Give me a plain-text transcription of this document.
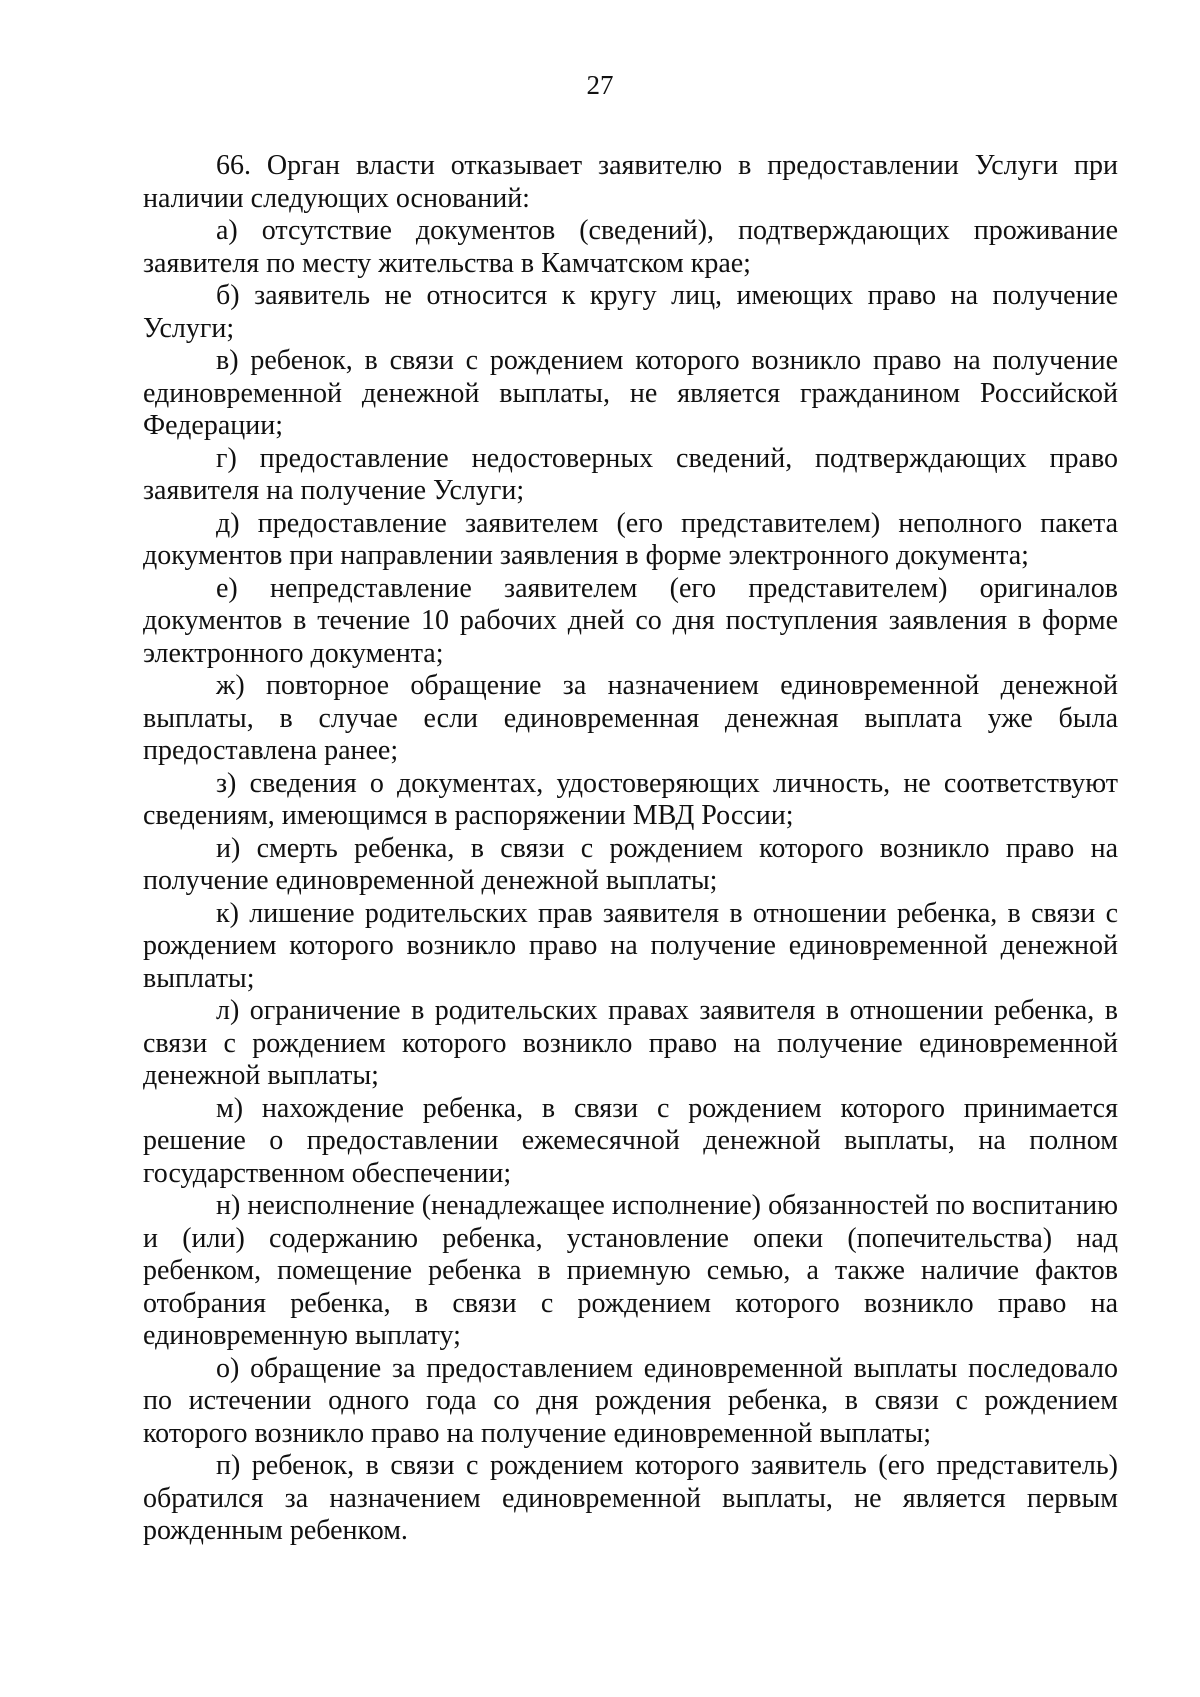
27

66. Орган власти отказывает заявителю в предоставлении Услуги при наличии следующих оснований:

а) отсутствие документов (сведений), подтверждающих проживание заявителя по месту жительства в Камчатском крае;

б) заявитель не относится к кругу лиц, имеющих право на получение Услуги;

в) ребенок, в связи с рождением которого возникло право на получение единовременной денежной выплаты, не является гражданином Российской Федерации;

г) предоставление недостоверных сведений, подтверждающих право заявителя на получение Услуги;

д) предоставление заявителем (его представителем) неполного пакета документов при направлении заявления в форме электронного документа;

е) непредставление заявителем (его представителем) оригиналов документов в течение 10 рабочих дней со дня поступления заявления в форме электронного документа;

ж) повторное обращение за назначением единовременной денежной выплаты, в случае если единовременная денежная выплата уже была предоставлена ранее;

з) сведения о документах, удостоверяющих личность, не соответствуют сведениям, имеющимся в распоряжении МВД России;

и) смерть ребенка, в связи с рождением которого возникло право на получение единовременной денежной выплаты;

к) лишение родительских прав заявителя в отношении ребенка, в связи с рождением которого возникло право на получение единовременной денежной выплаты;

л) ограничение в родительских правах заявителя в отношении ребенка, в связи с рождением которого возникло право на получение единовременной денежной выплаты;

м) нахождение ребенка, в связи с рождением которого принимается решение о предоставлении ежемесячной денежной выплаты, на полном государственном обеспечении;

н) неисполнение (ненадлежащее исполнение) обязанностей по воспитанию и (или) содержанию ребенка, установление опеки (попечительства) над ребенком, помещение ребенка в приемную семью, а также наличие фактов отобрания ребенка, в связи с рождением которого возникло право на единовременную выплату;

о) обращение за предоставлением единовременной выплаты последовало по истечении одного года со дня рождения ребенка, в связи с рождением которого возникло право на получение единовременной выплаты;

п) ребенок, в связи с рождением которого заявитель (его представитель) обратился за назначением единовременной выплаты, не является первым рожденным ребенком.
